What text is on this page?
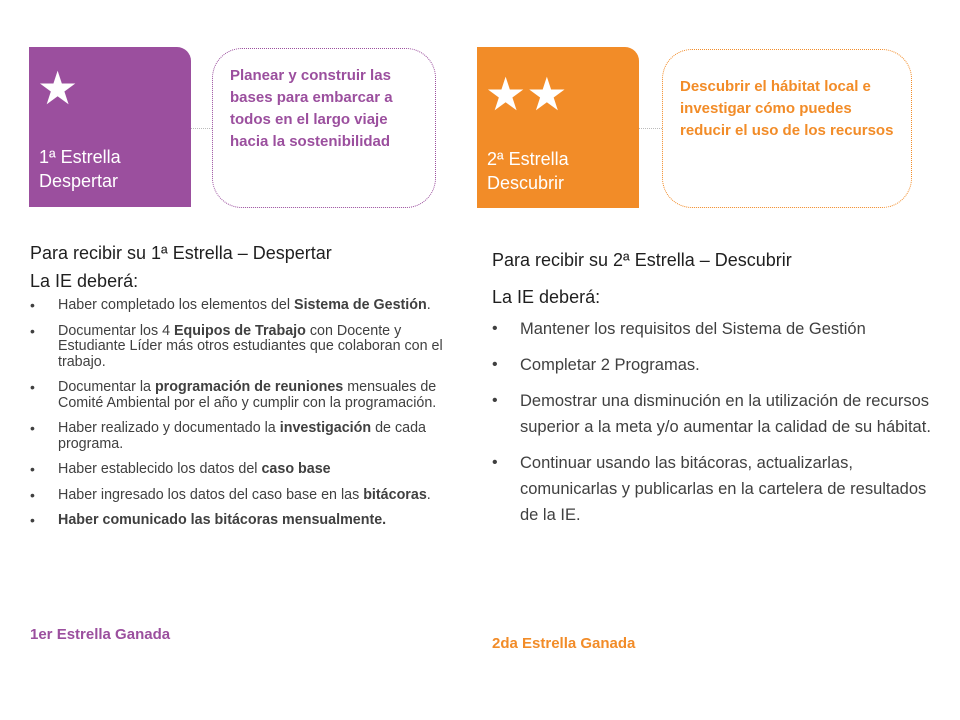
★
1ª Estrella
Despertar
Planear y construir las bases para embarcar a todos en el largo viaje hacia la sostenibilidad
★★
2ª Estrella
Descubrir
Descubrir el hábitat local e investigar cómo puedes reducir el uso de los recursos
Para recibir su 1ª Estrella – Despertar
La IE deberá:
• Haber completado los elementos del Sistema de Gestión.
• Documentar los 4 Equipos de Trabajo con Docente y Estudiante Líder más otros estudiantes que colaboran con el trabajo.
• Documentar la programación de reuniones mensuales de Comité Ambiental por el año y cumplir con la programación.
• Haber realizado y documentado la investigación de cada programa.
• Haber establecido los datos del caso base
• Haber ingresado los datos del caso base en las bitácoras.
• Haber comunicado las bitácoras mensualmente.
1er Estrella Ganada
Para recibir su 2ª Estrella – Descubrir
La IE deberá:
• Mantener los requisitos del Sistema de Gestión
• Completar 2 Programas.
• Demostrar una disminución en la utilización de recursos superior a la meta y/o aumentar la calidad de su hábitat.
• Continuar usando las bitácoras, actualizarlas, comunicarlas y publicarlas en la cartelera de resultados de la IE.
2da Estrella Ganada
